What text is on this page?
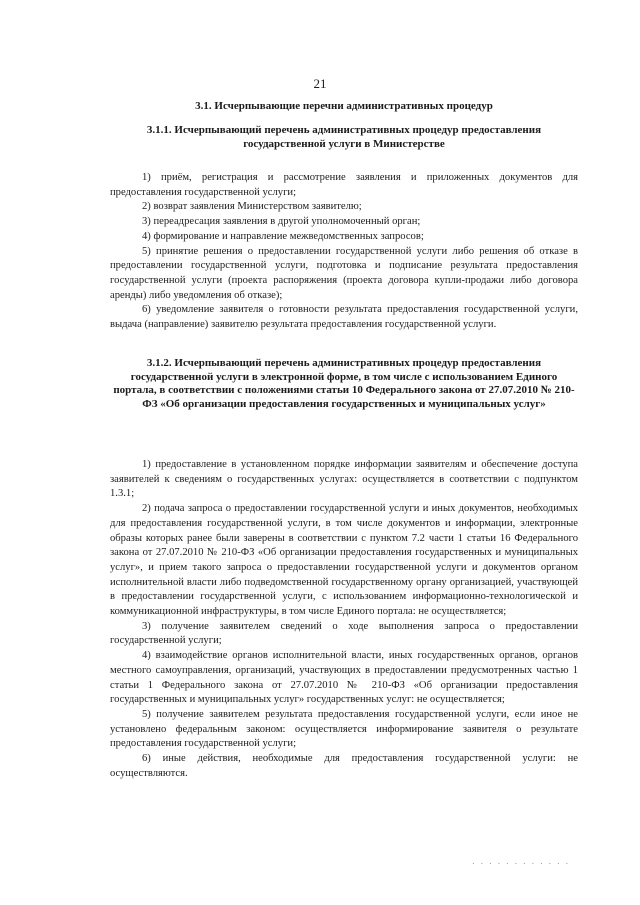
21
3.1. Исчерпывающие перечни административных процедур
3.1.1. Исчерпывающий перечень административных процедур предоставления государственной услуги в Министерстве

1) приём, регистрация и рассмотрение заявления и приложенных документов для предоставления государственной услуги;

2) возврат заявления Министерством заявителю;

3) переадресация заявления в другой уполномоченный орган;

4) формирование и направление межведомственных запросов;

5) принятие решения о предоставлении государственной услуги либо решения об отказе в предоставлении государственной услуги, подготовка и подписание результата предоставления государственной услуги (проекта распоряжения (проекта договора купли-продажи либо договора аренды) либо уведомления об отказе);

6) уведомление заявителя о готовности результата предоставления государственной услуги, выдача (направление) заявителю результата предоставления государственной услуги.

3.1.2. Исчерпывающий перечень административных процедур предоставления государственной услуги в электронной форме, в том числе с использованием Единого портала, в соответствии с положениями статьи 10 Федерального закона от 27.07.2010 № 210-ФЗ «Об организации предоставления государственных и муниципальных услуг»

1) предоставление в установленном порядке информации заявителям и обеспечение доступа заявителей к сведениям о государственных услугах: осуществляется в соответствии с подпунктом 1.3.1;

2) подача запроса о предоставлении государственной услуги и иных документов, необходимых для предоставления государственной услуги, в том числе документов и информации, электронные образы которых ранее были заверены в соответствии с пунктом 7.2 части 1 статьи 16 Федерального закона от 27.07.2010 № 210-ФЗ «Об организации предоставления государственных и муниципальных услуг», и прием такого запроса о предоставлении государственной услуги и документов органом исполнительной власти либо подведомственной государственному органу организацией, участвующей в предоставлении государственной услуги, с использованием информационно-технологической и коммуникационной инфраструктуры, в том числе Единого портала: не осуществляется;

3) получение заявителем сведений о ходе выполнения запроса о предоставлении государственной услуги;

4) взаимодействие органов исполнительной власти, иных государственных органов, органов местного самоуправления, организаций, участвующих в предоставлении предусмотренных частью 1 статьи 1 Федерального закона от 27.07.2010 № 210-ФЗ «Об организации предоставления государственных и муниципальных услуг» государственных услуг: не осуществляется;

5) получение заявителем результата предоставления государственной услуги, если иное не установлено федеральным законом: осуществляется информирование заявителя о результате предоставления государственной услуги;

6) иные действия, необходимые для предоставления государственной услуги: не осуществляются.

. . . . . . . . . . . .
